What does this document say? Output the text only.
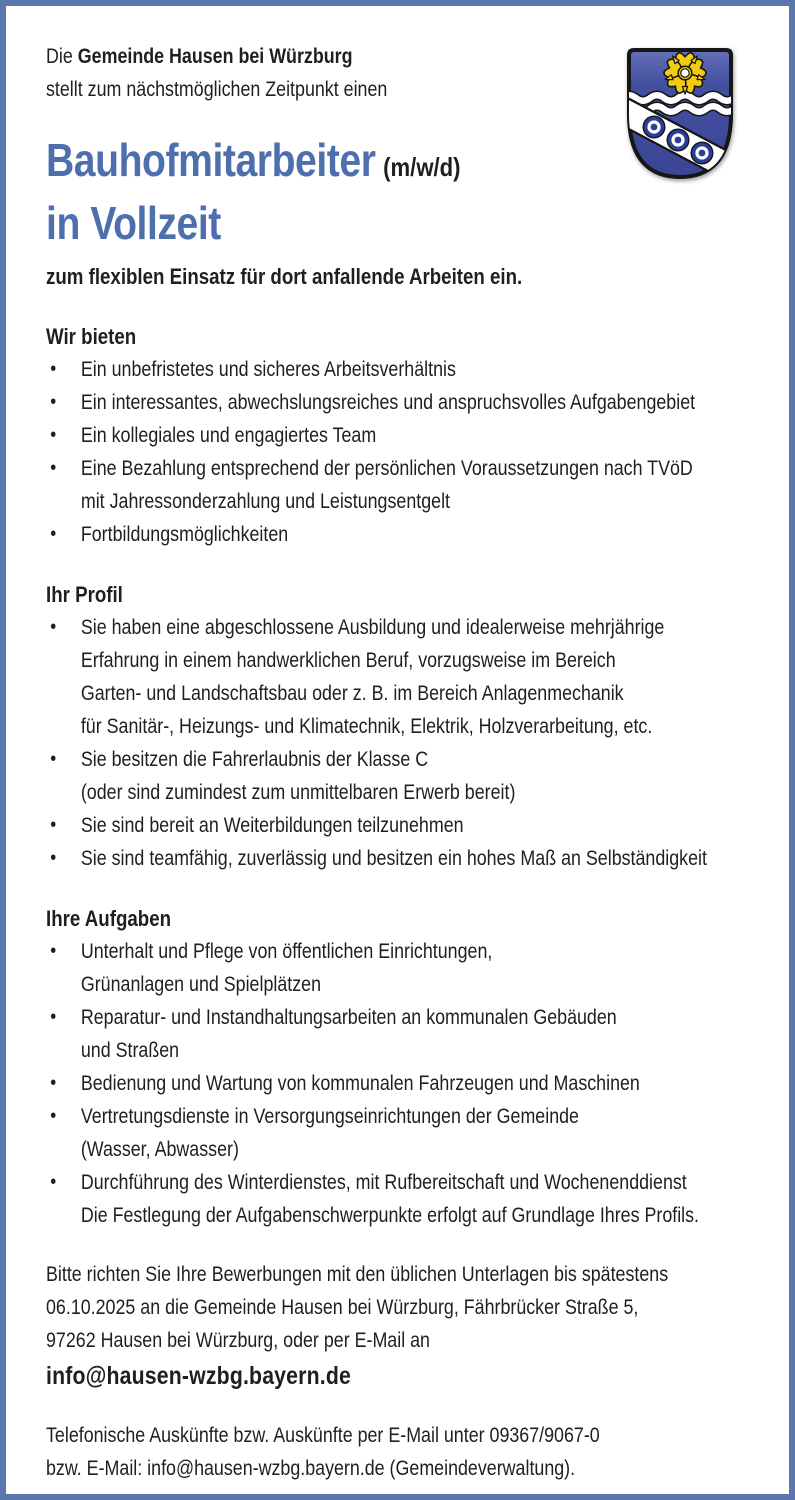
Die Gemeinde Hausen bei Würzburg
stellt zum nächstmöglichen Zeitpunkt einen
Bauhofmitarbeiter (m/w/d)
in Vollzeit
zum flexiblen Einsatz für dort anfallende Arbeiten ein.
Wir bieten
•	Ein unbefristetes und sicheres Arbeitsverhältnis
•	Ein interessantes, abwechslungsreiches und anspruchsvolles Aufgabengebiet
•	Ein kollegiales und engagiertes Team
•	Eine Bezahlung entsprechend der persönlichen Voraussetzungen nach TVöD
mit Jahressonderzahlung und Leistungsentgelt
•	Fortbildungsmöglichkeiten
Ihr Profil
•	Sie haben eine abgeschlossene Ausbildung und idealerweise mehrjährige
Erfahrung in einem handwerklichen Beruf, vorzugsweise im Bereich
Garten- und Landschaftsbau oder z. B. im Bereich Anlagenmechanik
für Sanitär-, Heizungs- und Klimatechnik, Elektrik, Holzverarbeitung, etc.
•	Sie besitzen die Fahrerlaubnis der Klasse C
(oder sind zumindest zum unmittelbaren Erwerb bereit)
•	Sie sind bereit an Weiterbildungen teilzunehmen
•	Sie sind teamfähig, zuverlässig und besitzen ein hohes Maß an Selbständigkeit
Ihre Aufgaben
•	Unterhalt und Pflege von öffentlichen Einrichtungen,
Grünanlagen und Spielplätzen
•	Reparatur- und Instandhaltungsarbeiten an kommunalen Gebäuden
und Straßen
•	Bedienung und Wartung von kommunalen Fahrzeugen und Maschinen
•	Vertretungsdienste in Versorgungseinrichtungen der Gemeinde
(Wasser, Abwasser)
•	Durchführung des Winterdienstes, mit Rufbereitschaft und Wochenenddienst
Die Festlegung der Aufgabenschwerpunkte erfolgt auf Grundlage Ihres Profils.
Bitte richten Sie Ihre Bewerbungen mit den üblichen Unterlagen bis spätestens
06.10.2025 an die Gemeinde Hausen bei Würzburg, Fährbrücker Straße 5,
97262 Hausen bei Würzburg, oder per E-Mail an
info@hausen-wzbg.bayern.de
Telefonische Auskünfte bzw. Auskünfte per E-Mail unter 09367/9067-0
bzw. E-Mail: info@hausen-wzbg.bayern.de (Gemeindeverwaltung).
